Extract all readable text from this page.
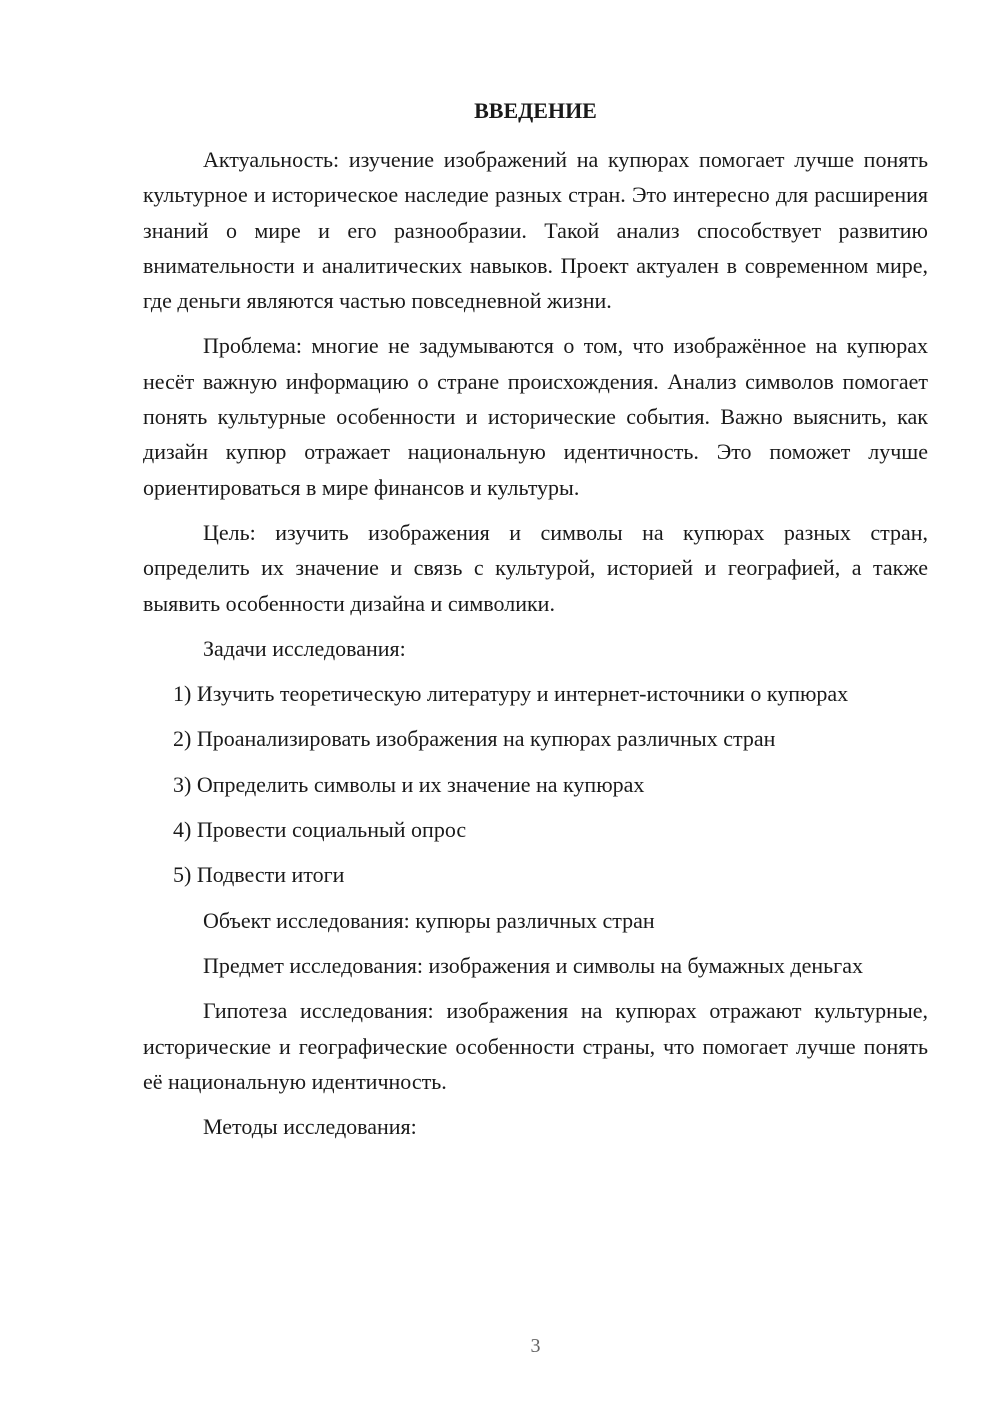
ВВЕДЕНИЕ

Актуальность: изучение изображений на купюрах помогает лучше понять культурное и историческое наследие разных стран. Это интересно для расширения знаний о мире и его разнообразии. Такой анализ способствует развитию внимательности и аналитических навыков. Проект актуален в современном мире, где деньги являются частью повседневной жизни.

Проблема: многие не задумываются о том, что изображённое на купюрах несёт важную информацию о стране происхождения. Анализ символов помогает понять культурные особенности и исторические события. Важно выяснить, как дизайн купюр отражает национальную идентичность. Это поможет лучше ориентироваться в мире финансов и культуры.

Цель: изучить изображения и символы на купюрах разных стран, определить их значение и связь с культурой, историей и географией, а также выявить особенности дизайна и символики.

Задачи исследования:

1) Изучить теоретическую литературу и интернет-источники о купюрах

2) Проанализировать изображения на купюрах различных стран

3) Определить символы и их значение на купюрах

4) Провести социальный опрос

5) Подвести итоги

Объект исследования: купюры различных стран

Предмет исследования: изображения и символы на бумажных деньгах

Гипотеза исследования: изображения на купюрах отражают культурные, исторические и географические особенности страны, что помогает лучше понять её национальную идентичность.

Методы исследования:

3
